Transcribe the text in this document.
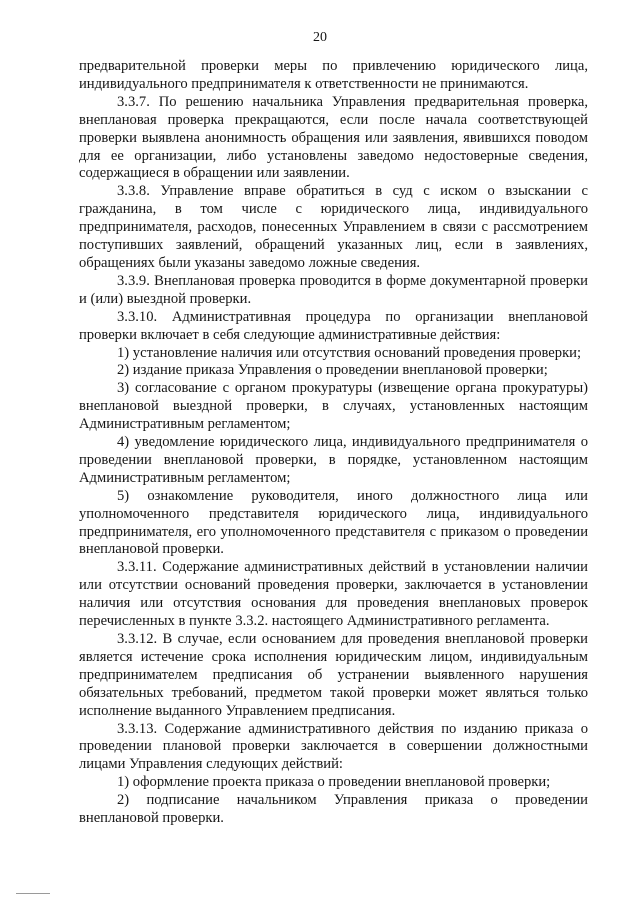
20

предварительной проверки меры по привлечению юридического лица, индивидуального предпринимателя к ответственности не принимаются.

3.3.7. По решению начальника Управления предварительная проверка, внеплановая проверка прекращаются, если после начала соответствующей проверки выявлена анонимность обращения или заявления, явившихся поводом для ее организации, либо установлены заведомо недостоверные сведения, содержащиеся в обращении или заявлении.

3.3.8. Управление вправе обратиться в суд с иском о взыскании с гражданина, в том числе с юридического лица, индивидуального предпринимателя, расходов, понесенных Управлением в связи с рассмотрением поступивших заявлений, обращений указанных лиц, если в заявлениях, обращениях были указаны заведомо ложные сведения.

3.3.9. Внеплановая проверка проводится в форме документарной проверки и (или) выездной проверки.

3.3.10. Административная процедура по организации внеплановой проверки включает в себя следующие административные действия:

1) установление наличия или отсутствия оснований проведения проверки;

2) издание приказа Управления о проведении внеплановой проверки;

3) согласование с органом прокуратуры (извещение органа прокуратуры) внеплановой выездной проверки, в случаях, установленных настоящим Административным регламентом;

4) уведомление юридического лица, индивидуального предпринимателя о проведении внеплановой проверки, в порядке, установленном настоящим Административным регламентом;

5) ознакомление руководителя, иного должностного лица или уполномоченного представителя юридического лица, индивидуального предпринимателя, его уполномоченного представителя с приказом о проведении внеплановой проверки.

3.3.11. Содержание административных действий в установлении наличии или отсутствии оснований проведения проверки, заключается в установлении наличия или отсутствия основания для проведения внеплановых проверок перечисленных в пункте 3.3.2. настоящего Административного регламента.

3.3.12. В случае, если основанием для проведения внеплановой проверки является истечение срока исполнения юридическим лицом, индивидуальным предпринимателем предписания об устранении выявленного нарушения обязательных требований, предметом такой проверки может являться только исполнение выданного Управлением предписания.

3.3.13. Содержание административного действия по изданию приказа о проведении плановой проверки заключается в совершении должностными лицами Управления следующих действий:

1) оформление проекта приказа о проведении внеплановой проверки;

2) подписание начальником Управления приказа о проведении внеплановой проверки.
